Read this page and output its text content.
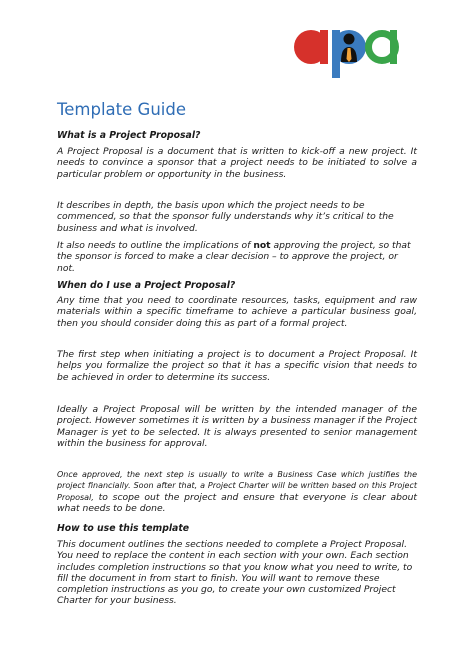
Template Guide

What is a Project Proposal?

A Project Proposal is a document that is written to kick-off a new project. It needs to convince a sponsor that a project needs to be initiated to solve a particular problem or opportunity in the business.

It describes in depth, the basis upon which the project needs to be commenced, so that the sponsor fully understands why it’s critical to the business and what is involved.

It also needs to outline the implications of not approving the project, so that the sponsor is forced to make a clear decision – to approve the project, or not.

When do I use a Project Proposal?

Any time that you need to coordinate resources, tasks, equipment and raw materials within a specific timeframe to achieve a particular business goal, then you should consider doing this as part of a formal project.

The first step when initiating a project is to document a Project Proposal. It helps you formalize the project so that it has a specific vision that needs to be achieved in order to determine its success.

Ideally a Project Proposal will be written by the intended manager of the project. However sometimes it is written by a business manager if the Project Manager is yet to be selected. It is always presented to senior management within the business for approval.

Once approved, the next step is usually to write a Business Case which justifies the project financially. Soon after that, a Project Charter will be written based on this Project Proposal, to scope out the project and ensure that everyone is clear about what needs to be done.

How to use this template

This document outlines the sections needed to complete a Project Proposal. You need to replace the content in each section with your own. Each section includes completion instructions so that you know what you need to write, to fill the document in from start to finish. You will want to remove these completion instructions as you go, to create your own customized Project Charter for your business.
